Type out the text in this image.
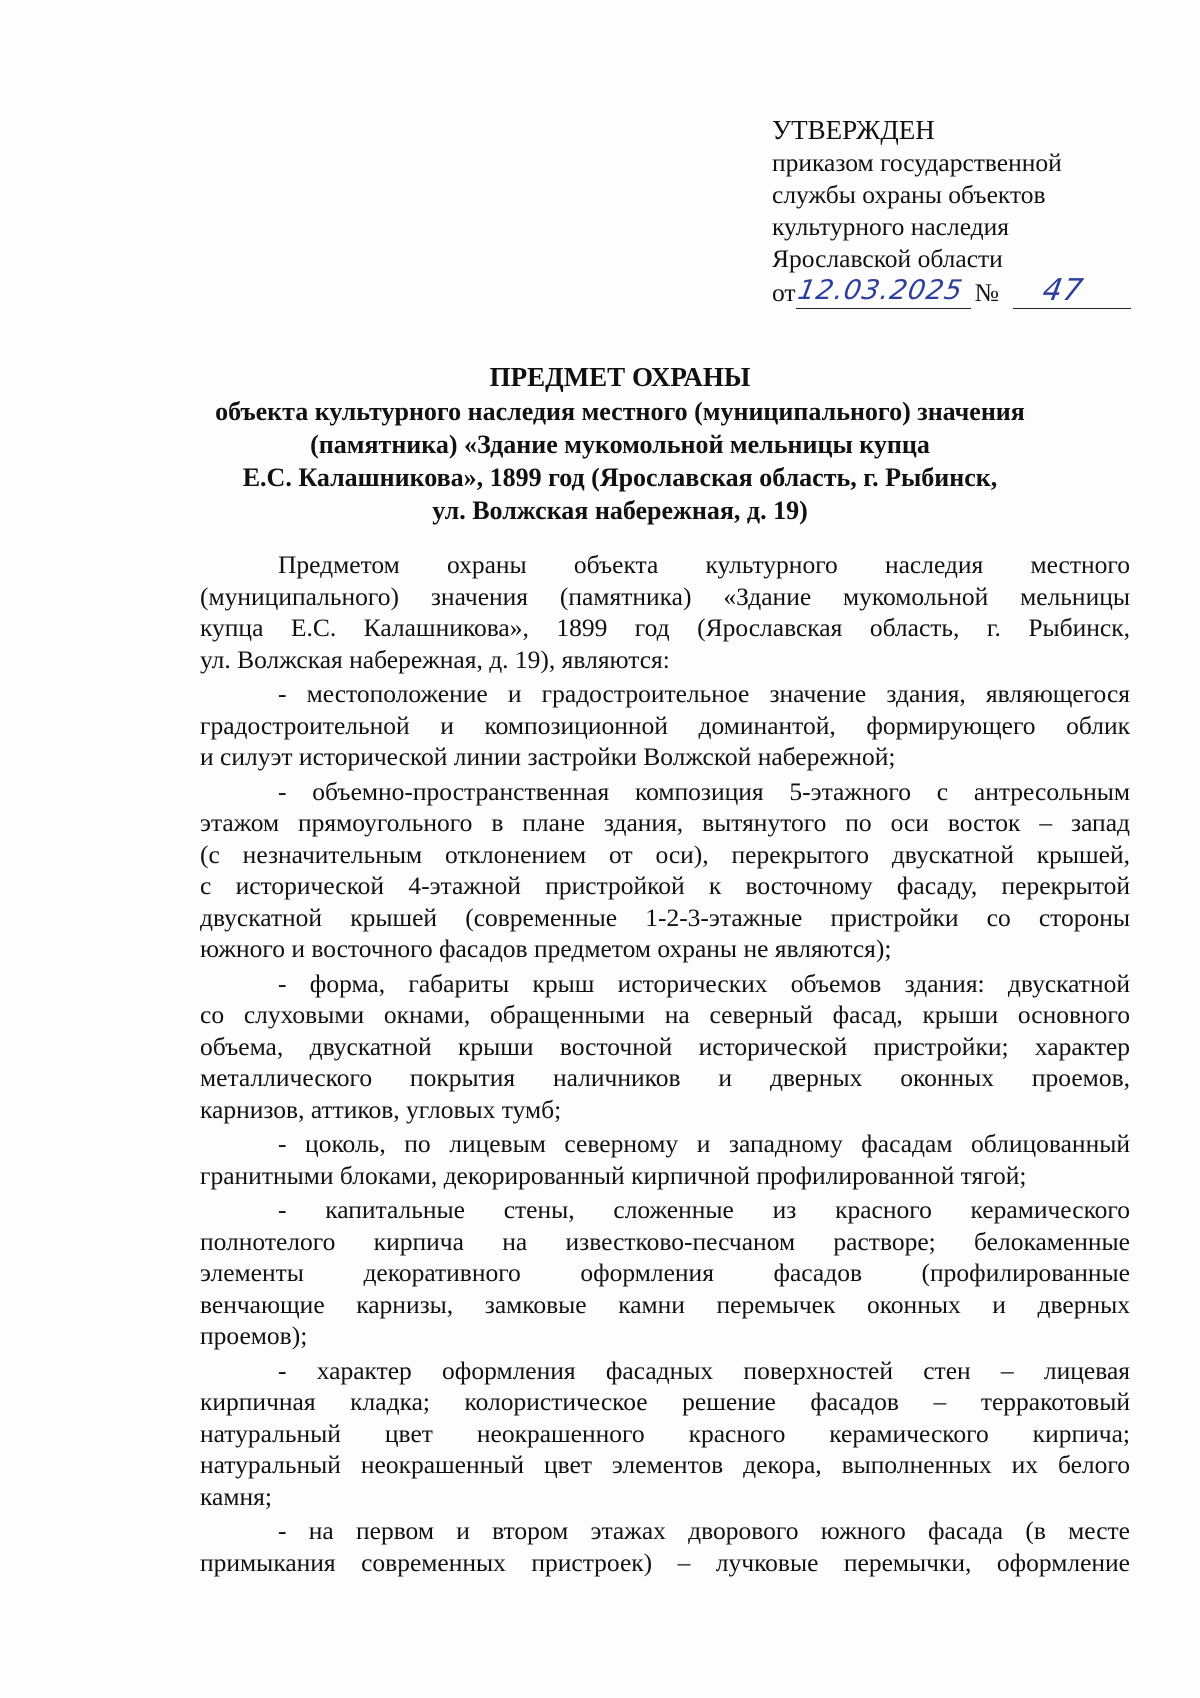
УТВЕРЖДЕН
приказом государственной
службы охраны объектов
культурного наследия
Ярославской области
от 12.03.2025 № 47
ПРЕДМЕТ ОХРАНЫ
объекта культурного наследия местного (муниципального) значения
(памятника) «Здание мукомольной мельницы купца
Е.С. Калашникова», 1899 год (Ярославская область, г. Рыбинск,
ул. Волжская набережная, д. 19)

Предметом охраны объекта культурного наследия местного
(муниципального) значения (памятника) «Здание мукомольной мельницы
купца Е.С. Калашникова», 1899 год (Ярославская область, г. Рыбинск,
ул. Волжская набережная, д. 19), являются:

- местоположение и градостроительное значение здания, являющегося
градостроительной и композиционной доминантой, формирующего облик
и силуэт исторической линии застройки Волжской набережной;

- объемно-пространственная композиция 5-этажного с антресольным
этажом прямоугольного в плане здания, вытянутого по оси восток – запад
(с незначительным отклонением от оси), перекрытого двускатной крышей,
с исторической 4-этажной пристройкой к восточному фасаду, перекрытой
двускатной крышей (современные 1-2-3-этажные пристройки со стороны
южного и восточного фасадов предметом охраны не являются);

- форма, габариты крыш исторических объемов здания: двускатной
со слуховыми окнами, обращенными на северный фасад, крыши основного
объема, двускатной крыши восточной исторической пристройки; характер
металлического покрытия наличников и дверных оконных проемов,
карнизов, аттиков, угловых тумб;

- цоколь, по лицевым северному и западному фасадам облицованный
гранитными блоками, декорированный кирпичной профилированной тягой;

- капитальные стены, сложенные из красного керамического
полнотелого кирпича на известково-песчаном растворе; белокаменные
элементы декоративного оформления фасадов (профилированные
венчающие карнизы, замковые камни перемычек оконных и дверных
проемов);

- характер оформления фасадных поверхностей стен – лицевая
кирпичная кладка; колористическое решение фасадов – терракотовый
натуральный цвет неокрашенного красного керамического кирпича;
натуральный неокрашенный цвет элементов декора, выполненных их белого
камня;

- на первом и втором этажах дворового южного фасада (в месте
примыкания современных пристроек) – лучковые перемычки, оформление
